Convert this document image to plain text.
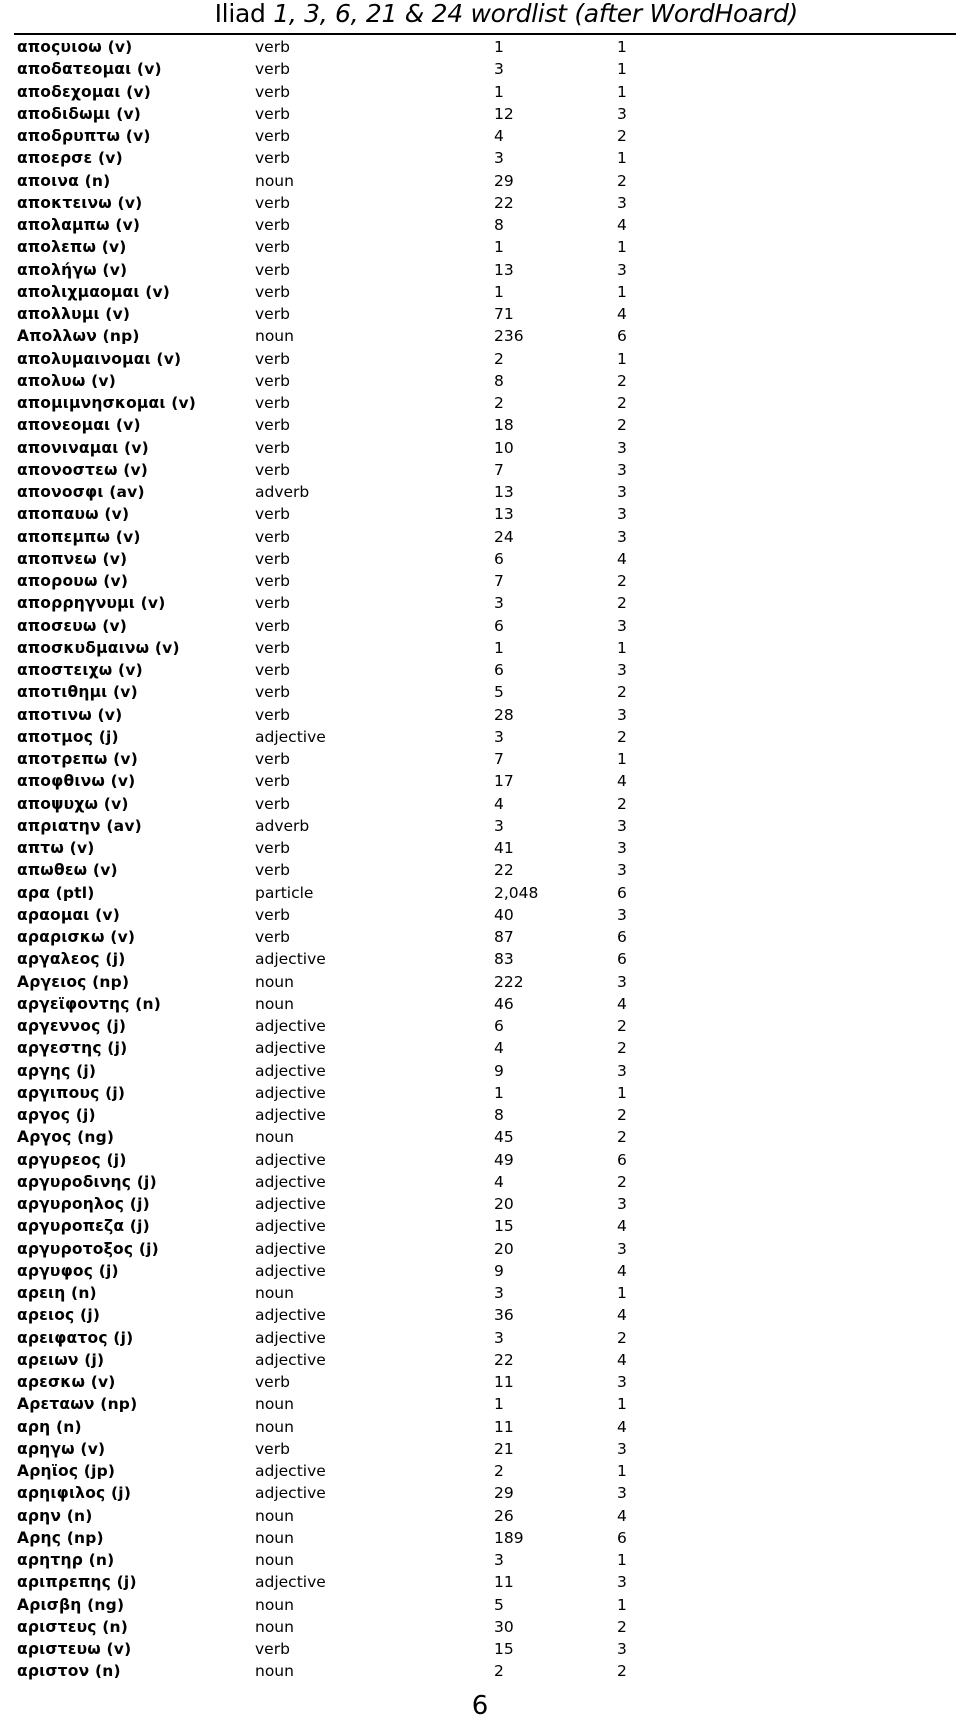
Iliad 1, 3, 6, 21 & 24 wordlist (after WordHoard)
αποςυιοω (v)	verb	1	1
αποδατεομαι (v)	verb	3	1
αποδεχομαι (v)	verb	1	1
αποδιδωμι (v)	verb	12	3
αποδρυπτω (v)	verb	4	2
αποερσε (v)	verb	3	1
αποινα (n)	noun	29	2
αποκτεινω (v)	verb	22	3
απολαμπω (v)	verb	8	4
απολεπω (v)	verb	1	1
απολήγω (v)	verb	13	3
απολιχμαομαι (v)	verb	1	1
απολλυμι (v)	verb	71	4
Απολλων (np)	noun	236	6
απολυμαινομαι (v)	verb	2	1
απολυω (v)	verb	8	2
απομιμνησκομαι (v)	verb	2	2
απονεομαι (v)	verb	18	2
απονιναμαι (v)	verb	10	3
απονοστεω (v)	verb	7	3
απονοσφι (av)	adverb	13	3
αποπαυω (v)	verb	13	3
αποπεμπω (v)	verb	24	3
αποπνεω (v)	verb	6	4
απορουω (v)	verb	7	2
απορρηγνυμι (v)	verb	3	2
αποσευω (v)	verb	6	3
αποσκυδμαινω (v)	verb	1	1
αποστειχω (v)	verb	6	3
αποτιθημι (v)	verb	5	2
αποτινω (v)	verb	28	3
αποτμος (j)	adjective	3	2
αποτρεπω (v)	verb	7	1
αποφθινω (v)	verb	17	4
αποψυχω (v)	verb	4	2
απριατην (av)	adverb	3	3
απτω (v)	verb	41	3
απωθεω (v)	verb	22	3
αρα (ptl)	particle	2,048	6
αραομαι (v)	verb	40	3
αραρισκω (v)	verb	87	6
αργαλεος (j)	adjective	83	6
Αργειος (np)	noun	222	3
αργεϊφοντης (n)	noun	46	4
αργεννος (j)	adjective	6	2
αργεστης (j)	adjective	4	2
αργης (j)	adjective	9	3
αργιπους (j)	adjective	1	1
αργος (j)	adjective	8	2
Αργος (ng)	noun	45	2
αργυρεος (j)	adjective	49	6
αργυροδινης (j)	adjective	4	2
αργυροηλος (j)	adjective	20	3
αργυροπεζα (j)	adjective	15	4
αργυροτοξος (j)	adjective	20	3
αργυφος (j)	adjective	9	4
αρειη (n)	noun	3	1
αρειος (j)	adjective	36	4
αρειφατος (j)	adjective	3	2
αρειων (j)	adjective	22	4
αρεσκω (v)	verb	11	3
Αρεταων (np)	noun	1	1
αρη (n)	noun	11	4
αρηγω (v)	verb	21	3
Αρηϊος (jp)	adjective	2	1
αρηιφιλος (j)	adjective	29	3
αρην (n)	noun	26	4
Αρης (np)	noun	189	6
αρητηρ (n)	noun	3	1
αριπρεπης (j)	adjective	11	3
Αρισβη (ng)	noun	5	1
αριστευς (n)	noun	30	2
αριστευω (v)	verb	15	3
αριστον (n)	noun	2	2
6
